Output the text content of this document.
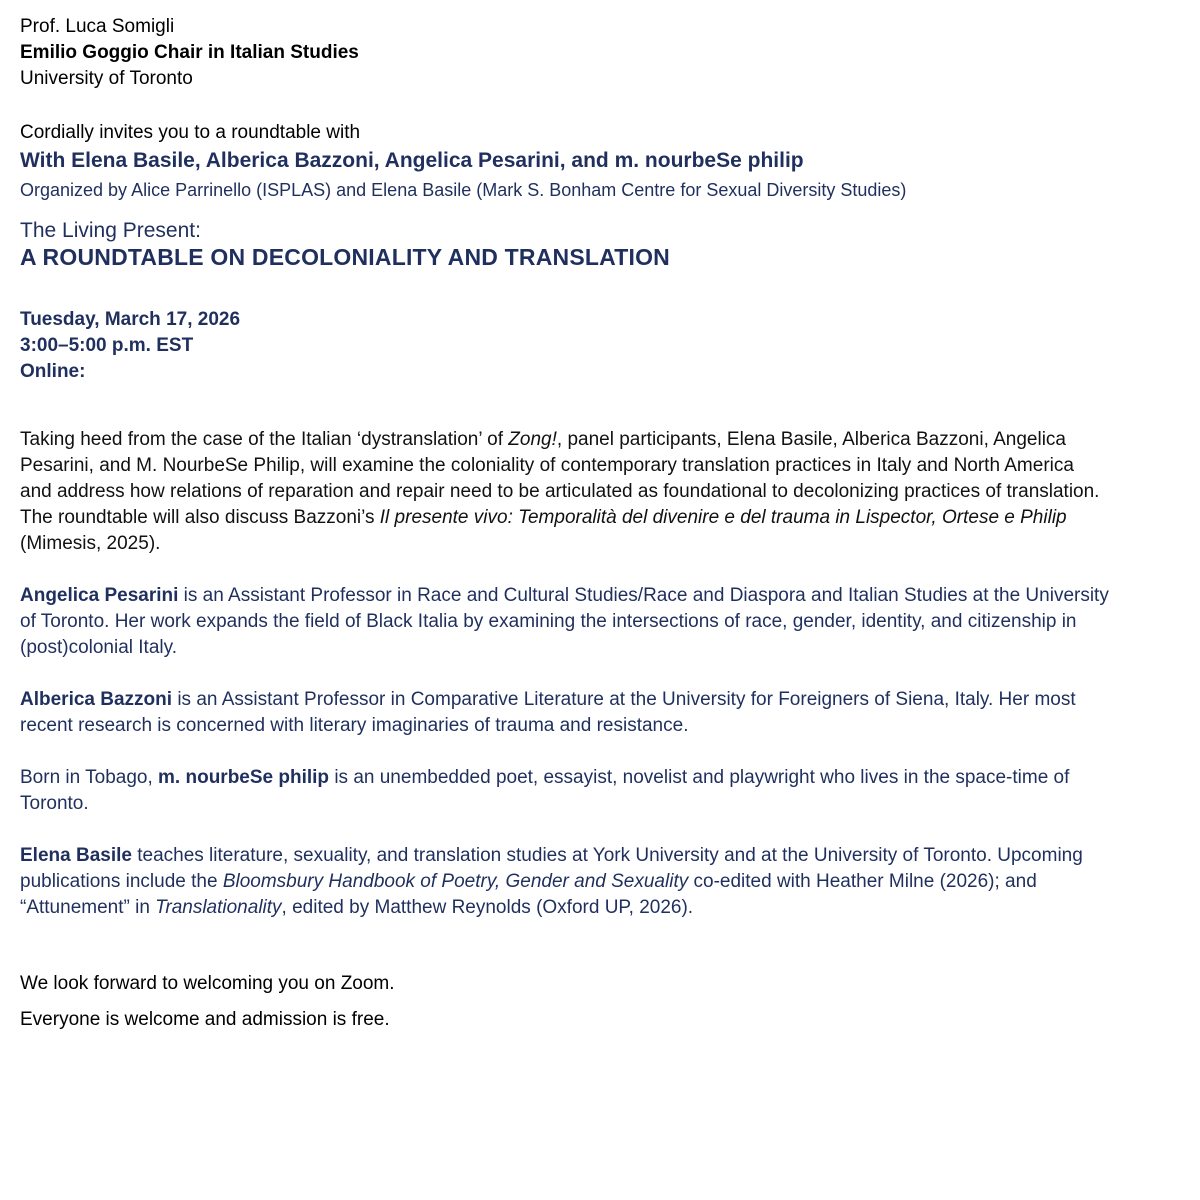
Prof. Luca Somigli

Emilio Goggio Chair in Italian Studies

University of Toronto

Cordially invites you to a roundtable with

With Elena Basile, Alberica Bazzoni, Angelica Pesarini, and m. nourbeSe philip

Organized by Alice Parrinello (ISPLAS) and Elena Basile (Mark S. Bonham Centre for Sexual Diversity Studies)

The Living Present:

A ROUNDTABLE ON DECOLONIALITY AND TRANSLATION

Tuesday, March 17, 2026

3:00–5:00 p.m. EST

Online:

Taking heed from the case of the Italian ‘dystranslation’ of Zong!, panel participants, Elena Basile, Alberica Bazzoni, Angelica Pesarini, and M. NourbeSe Philip, will examine the coloniality of contemporary translation practices in Italy and North America and address how relations of reparation and repair need to be articulated as foundational to decolonizing practices of translation. The roundtable will also discuss Bazzoni’s Il presente vivo: Temporalità del divenire e del trauma in Lispector, Ortese e Philip (Mimesis, 2025).

Angelica Pesarini is an Assistant Professor in Race and Cultural Studies/Race and Diaspora and Italian Studies at the University of Toronto. Her work expands the field of Black Italia by examining the intersections of race, gender, identity, and citizenship in (post)colonial Italy.

Alberica Bazzoni is an Assistant Professor in Comparative Literature at the University for Foreigners of Siena, Italy. Her most recent research is concerned with literary imaginaries of trauma and resistance.

Born in Tobago, m. nourbeSe philip is an unembedded poet, essayist, novelist and playwright who lives in the space-time of Toronto.

Elena Basile teaches literature, sexuality, and translation studies at York University and at the University of Toronto. Upcoming publications include the Bloomsbury Handbook of Poetry, Gender and Sexuality co-edited with Heather Milne (2026); and “Attunement” in Translationality, edited by Matthew Reynolds (Oxford UP, 2026).

We look forward to welcoming you on Zoom.

Everyone is welcome and admission is free.
